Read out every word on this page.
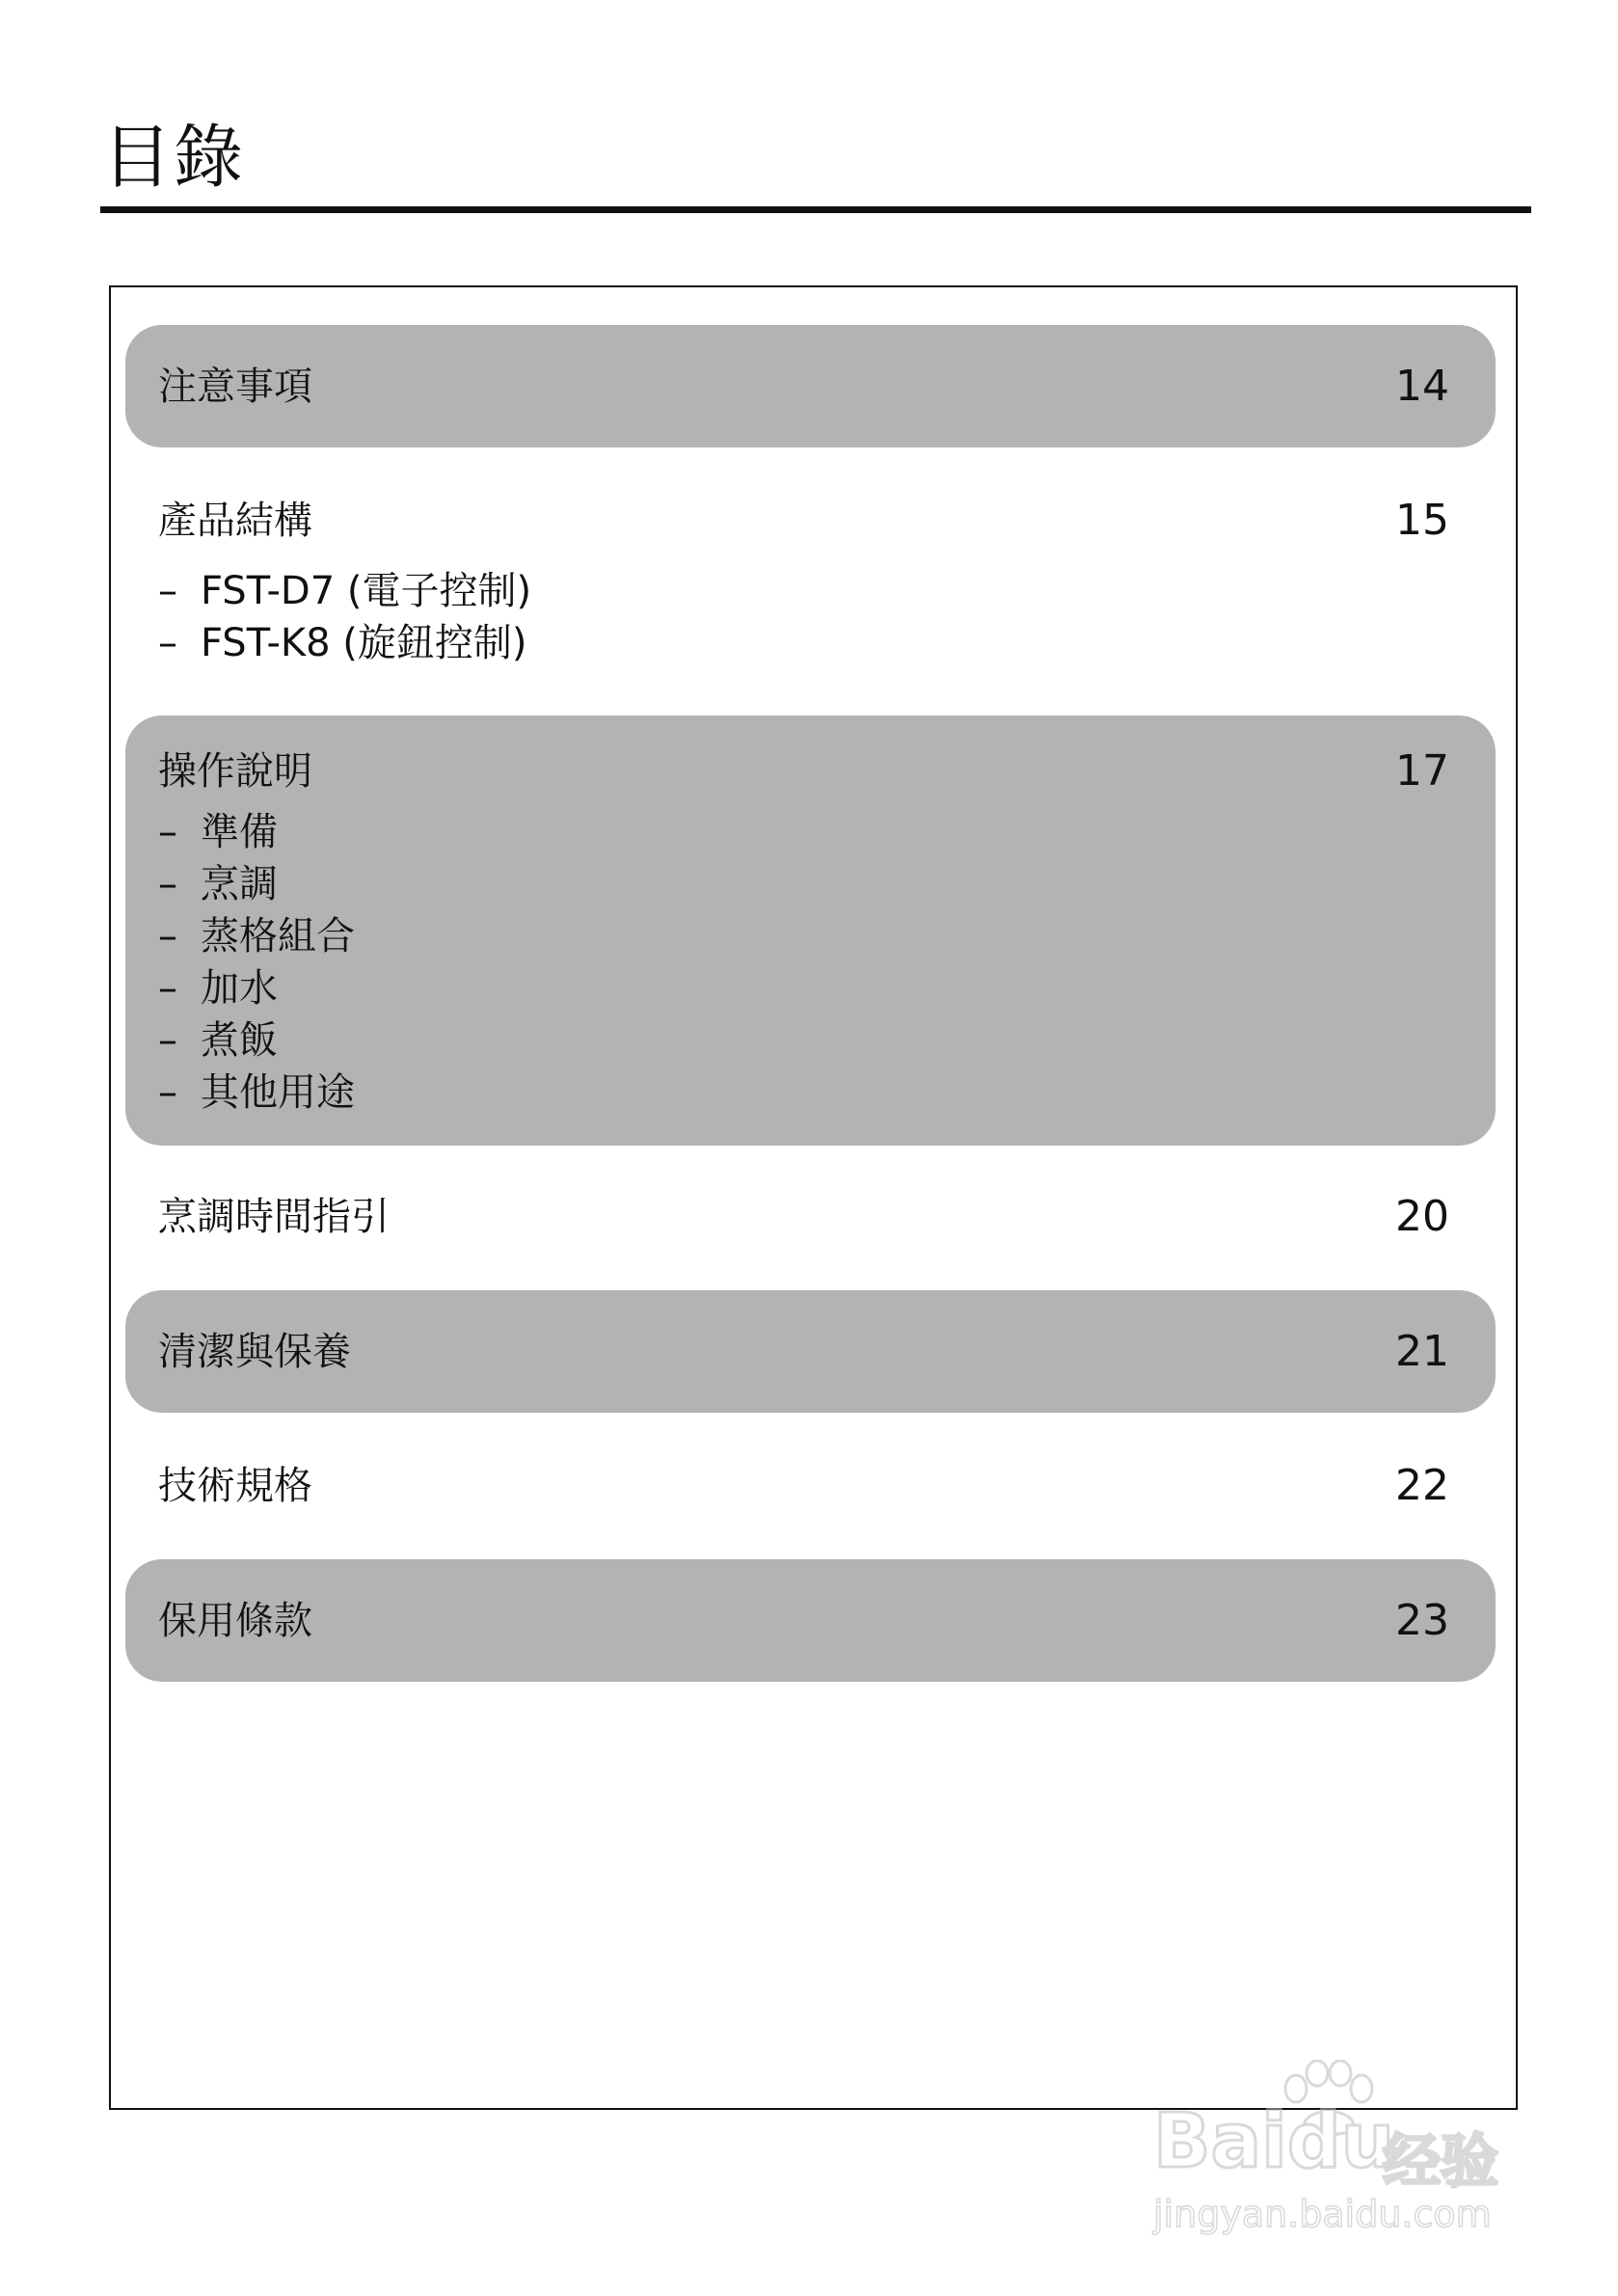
目錄
注意事項	14
產品結構	15
– FST-D7 (電子控制)
– FST-K8 (旋鈕控制)
操作說明	17
– 準備
– 烹調
– 蒸格組合
– 加水
– 煮飯
– 其他用途
烹調時間指引	20
清潔與保養	21
技術規格	22
保用條款	23
Baidu
经验
jingyan.baidu.com
